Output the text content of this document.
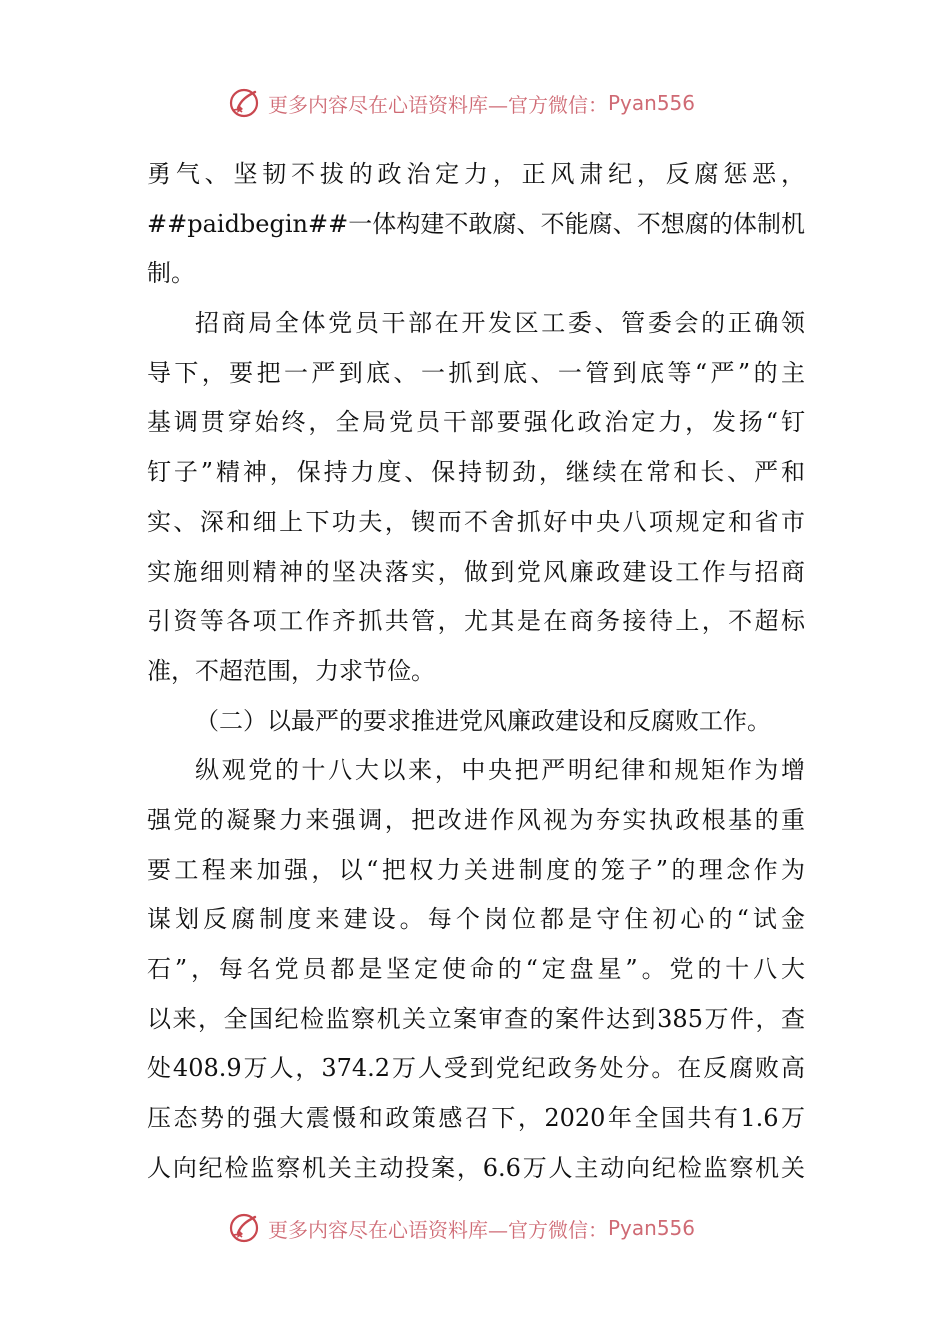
更多内容尽在心语资料库—官方微信： Pyan556
勇气、坚韧不拔的政治定力，正风肃纪，反腐惩恶，
##paidbegin##一体构建不敢腐、不能腐、不想腐的体制机
制。
招商局全体党员干部在开发区工委、管委会的正确领
导下，要把一严到底、一抓到底、一管到底等“严”的主
基调贯穿始终，全局党员干部要强化政治定力，发扬“钉
钉子”精神，保持力度、保持韧劲，继续在常和长、严和
实、深和细上下功夫，锲而不舍抓好中央八项规定和省市
实施细则精神的坚决落实，做到党风廉政建设工作与招商
引资等各项工作齐抓共管，尤其是在商务接待上，不超标
准，不超范围，力求节俭。
（二）以最严的要求推进党风廉政建设和反腐败工作。
纵观党的十八大以来，中央把严明纪律和规矩作为增
强党的凝聚力来强调，把改进作风视为夯实执政根基的重
要工程来加强，以“把权力关进制度的笼子”的理念作为
谋划反腐制度来建设。每个岗位都是守住初心的“试金
石”，每名党员都是坚定使命的“定盘星”。党的十八大
以来，全国纪检监察机关立案审查的案件达到385万件，查
处408.9万人，374.2万人受到党纪政务处分。在反腐败高
压态势的强大震慑和政策感召下，2020年全国共有1.6万
人向纪检监察机关主动投案，6.6万人主动向纪检监察机关
更多内容尽在心语资料库—官方微信： Pyan556
